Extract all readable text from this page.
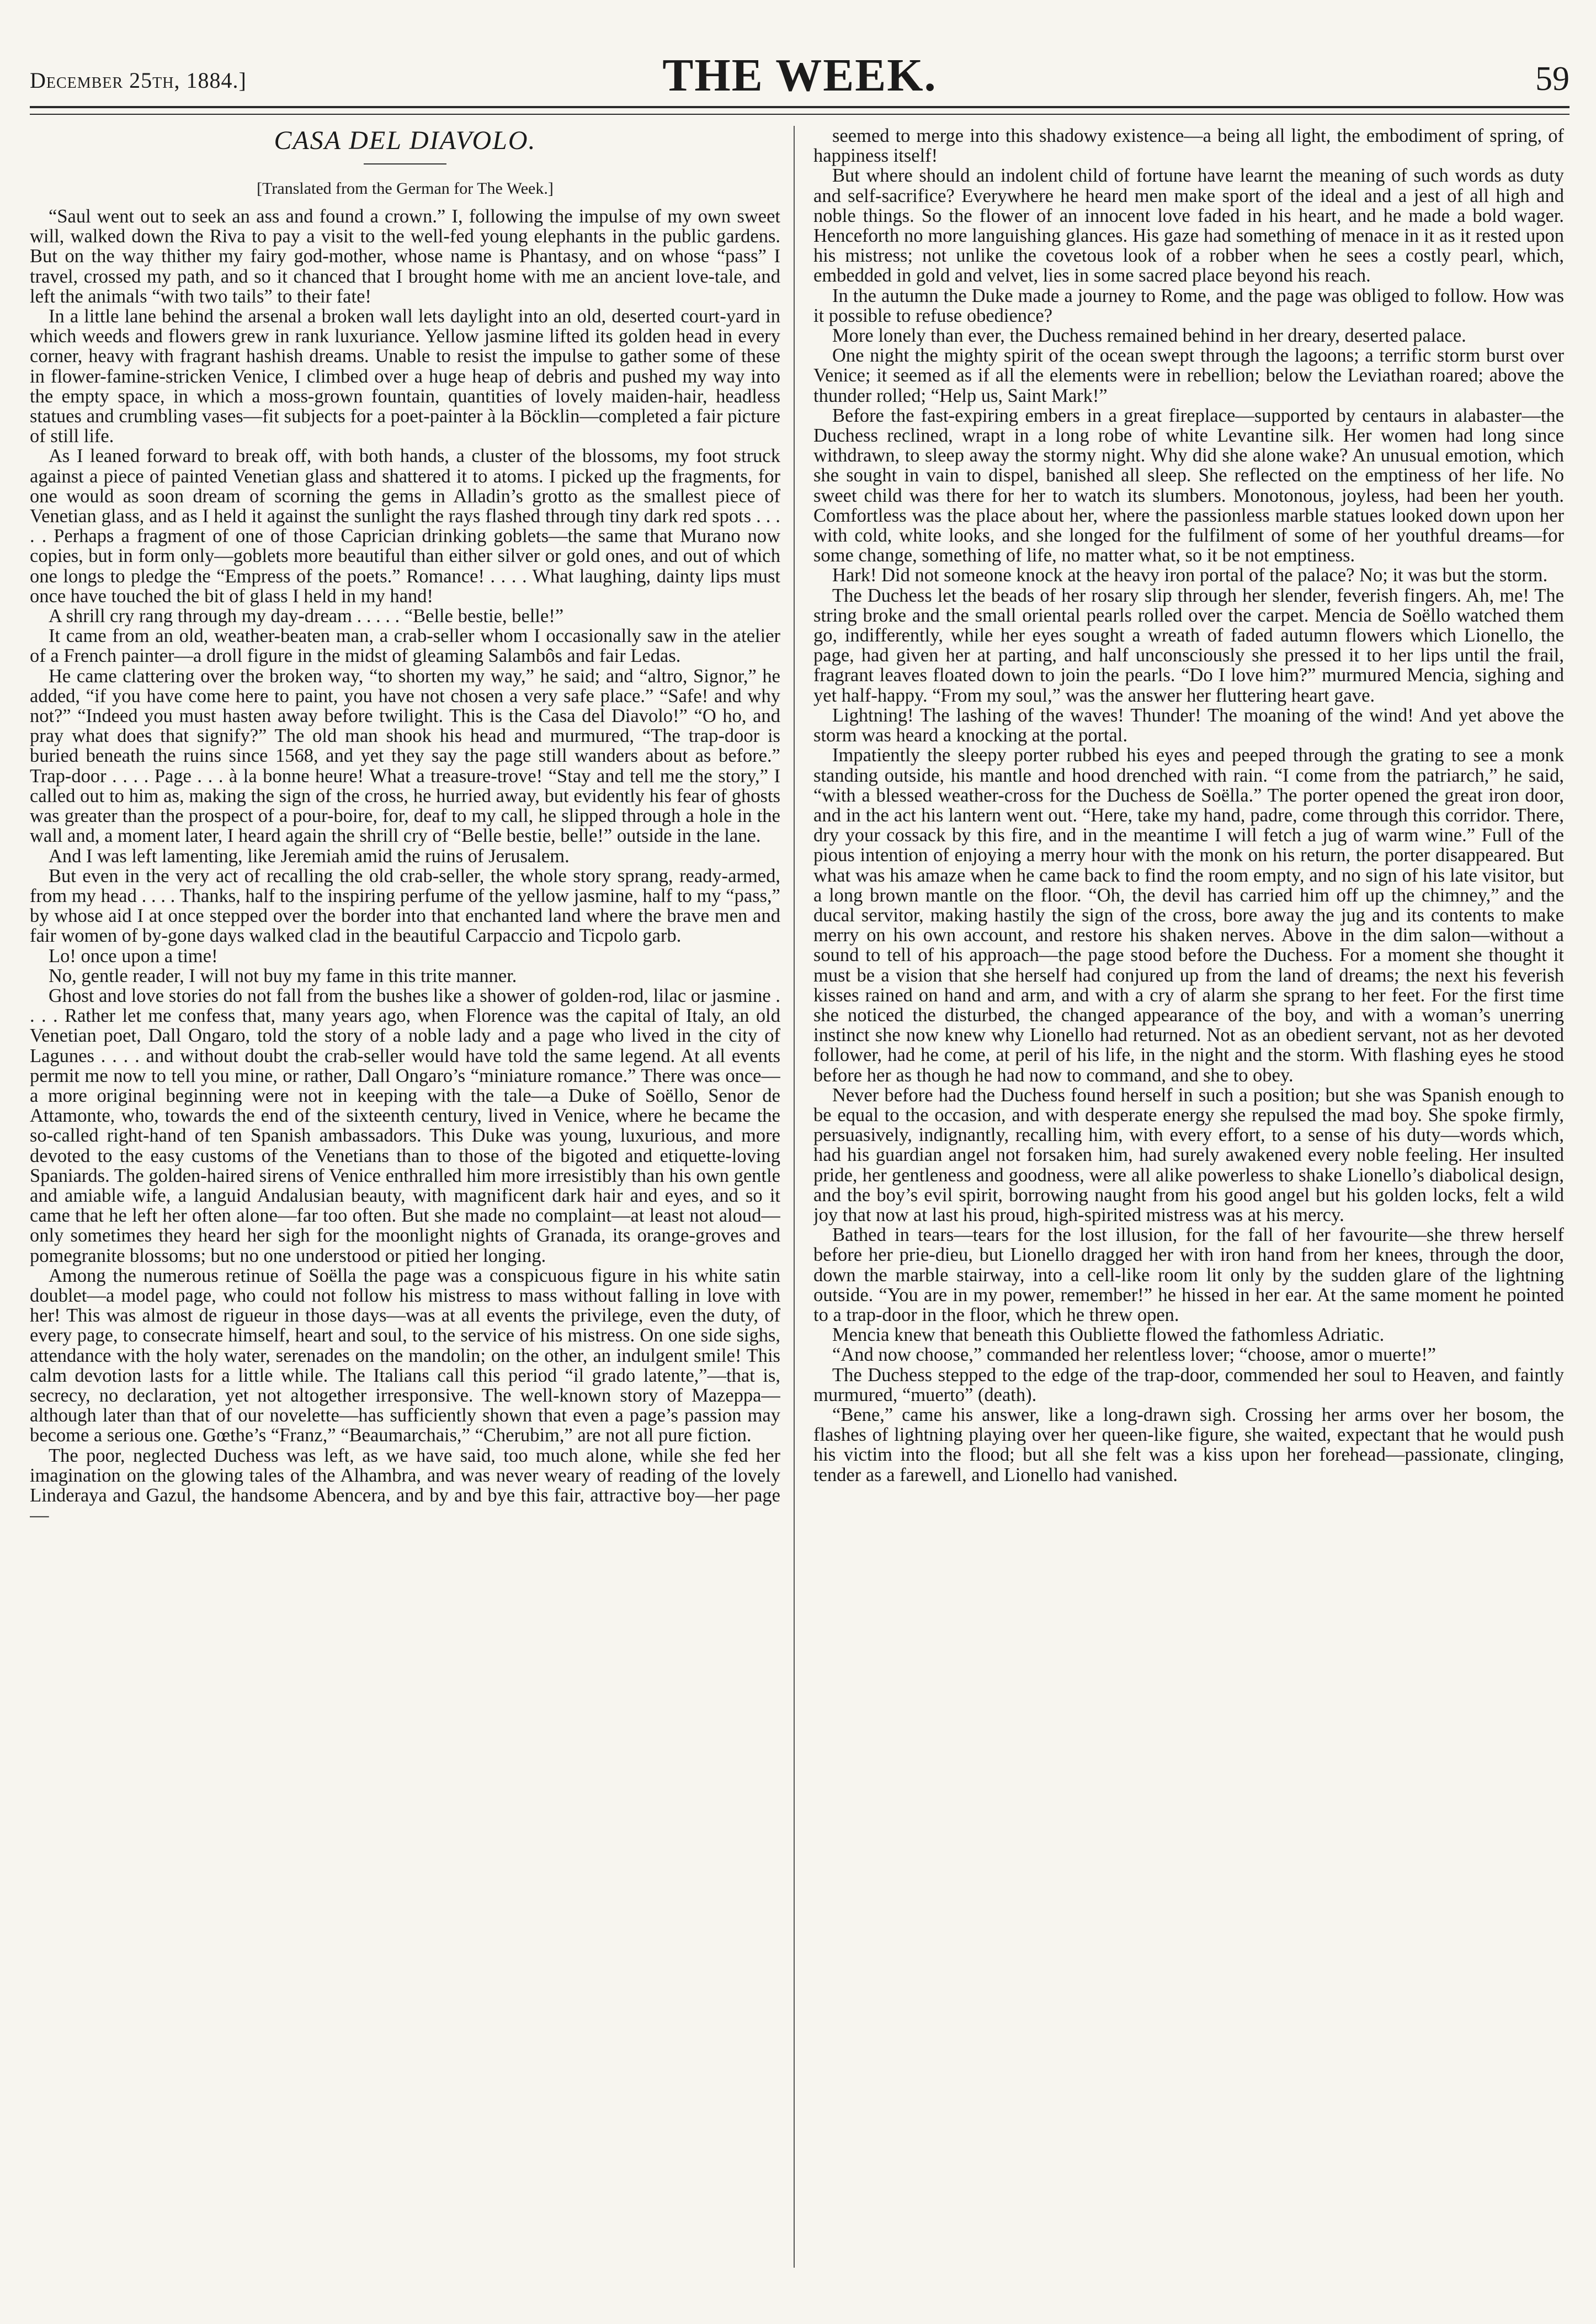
December 25th, 1884.]	THE WEEK.	59
CASA DEL DIAVOLO.
[Translated from the German for The Week.]

“Saul went out to seek an ass and found a crown.” I, following the impulse of my own sweet will, walked down the Riva to pay a visit to the well-fed young elephants in the public gardens. But on the way thither my fairy god-mother, whose name is Phantasy, and on whose “pass” I travel, crossed my path, and so it chanced that I brought home with me an ancient love-tale, and left the animals “with two tails” to their fate!

In a little lane behind the arsenal a broken wall lets daylight into an old, deserted court-yard in which weeds and flowers grew in rank luxuriance. Yellow jasmine lifted its golden head in every corner, heavy with fragrant hashish dreams. Unable to resist the impulse to gather some of these in flower-famine-stricken Venice, I climbed over a huge heap of debris and pushed my way into the empty space, in which a moss-grown fountain, quantities of lovely maiden-hair, headless statues and crumbling vases—fit subjects for a poet-painter à la Böcklin—completed a fair picture of still life.

As I leaned forward to break off, with both hands, a cluster of the blossoms, my foot struck against a piece of painted Venetian glass and shattered it to atoms. I picked up the fragments, for one would as soon dream of scorning the gems in Alladin’s grotto as the smallest piece of Venetian glass, and as I held it against the sunlight the rays flashed through tiny dark red spots . . . . . Perhaps a fragment of one of those Caprician drinking goblets—the same that Murano now copies, but in form only—goblets more beautiful than either silver or gold ones, and out of which one longs to pledge the “Empress of the poets.” Romance! . . . . What laughing, dainty lips must once have touched the bit of glass I held in my hand!

A shrill cry rang through my day-dream . . . . . “Belle bestie, belle!”

It came from an old, weather-beaten man, a crab-seller whom I occasionally saw in the atelier of a French painter—a droll figure in the midst of gleaming Salambôs and fair Ledas.

He came clattering over the broken way, “to shorten my way,” he said; and “altro, Signor,” he added, “if you have come here to paint, you have not chosen a very safe place.” “Safe! and why not?” “Indeed you must hasten away before twilight. This is the Casa del Diavolo!” “O ho, and pray what does that signify?” The old man shook his head and murmured, “The trap-door is buried beneath the ruins since 1568, and yet they say the page still wanders about as before.” Trap-door . . . . Page . . . à la bonne heure! What a treasure-trove! “Stay and tell me the story,” I called out to him as, making the sign of the cross, he hurried away, but evidently his fear of ghosts was greater than the prospect of a pour-boire, for, deaf to my call, he slipped through a hole in the wall and, a moment later, I heard again the shrill cry of “Belle bestie, belle!” outside in the lane.

And I was left lamenting, like Jeremiah amid the ruins of Jerusalem.

But even in the very act of recalling the old crab-seller, the whole story sprang, ready-armed, from my head . . . . Thanks, half to the inspiring perfume of the yellow jasmine, half to my “pass,” by whose aid I at once stepped over the border into that enchanted land where the brave men and fair women of by-gone days walked clad in the beautiful Carpaccio and Ticpolo garb.

Lo! once upon a time!

No, gentle reader, I will not buy my fame in this trite manner.

Ghost and love stories do not fall from the bushes like a shower of golden-rod, lilac or jasmine . . . . Rather let me confess that, many years ago, when Florence was the capital of Italy, an old Venetian poet, Dall Ongaro, told the story of a noble lady and a page who lived in the city of Lagunes . . . . and without doubt the crab-seller would have told the same legend. At all events permit me now to tell you mine, or rather, Dall Ongaro’s “miniature romance.” There was once—a more original beginning were not in keeping with the tale—a Duke of Soëllo, Senor de Attamonte, who, towards the end of the sixteenth century, lived in Venice, where he became the so-called right-hand of ten Spanish ambassadors. This Duke was young, luxurious, and more devoted to the easy customs of the Venetians than to those of the bigoted and etiquette-loving Spaniards. The golden-haired sirens of Venice enthralled him more irresistibly than his own gentle and amiable wife, a languid Andalusian beauty, with magnificent dark hair and eyes, and so it came that he left her often alone—far too often. But she made no complaint—at least not aloud—only sometimes they heard her sigh for the moonlight nights of Granada, its orange-groves and pomegranite blossoms; but no one understood or pitied her longing.

Among the numerous retinue of Soëlla the page was a conspicuous figure in his white satin doublet—a model page, who could not follow his mistress to mass without falling in love with her! This was almost de rigueur in those days—was at all events the privilege, even the duty, of every page, to consecrate himself, heart and soul, to the service of his mistress. On one side sighs, attendance with the holy water, serenades on the mandolin; on the other, an indulgent smile! This calm devotion lasts for a little while. The Italians call this period “il grado latente,”—that is, secrecy, no declaration, yet not altogether irresponsive. The well-known story of Mazeppa—although later than that of our novelette—has sufficiently shown that even a page’s passion may become a serious one. Gœthe’s “Franz,” “Beaumarchais,” “Cherubim,” are not all pure fiction.

The poor, neglected Duchess was left, as we have said, too much alone, while she fed her imagination on the glowing tales of the Alhambra, and was never weary of reading of the lovely Linderaya and Gazul, the handsome Abencera, and by and bye this fair, attractive boy—her page—

seemed to merge into this shadowy existence—a being all light, the embodiment of spring, of happiness itself!

But where should an indolent child of fortune have learnt the meaning of such words as duty and self-sacrifice? Everywhere he heard men make sport of the ideal and a jest of all high and noble things. So the flower of an innocent love faded in his heart, and he made a bold wager. Henceforth no more languishing glances. His gaze had something of menace in it as it rested upon his mistress; not unlike the covetous look of a robber when he sees a costly pearl, which, embedded in gold and velvet, lies in some sacred place beyond his reach.

In the autumn the Duke made a journey to Rome, and the page was obliged to follow. How was it possible to refuse obedience?

More lonely than ever, the Duchess remained behind in her dreary, deserted palace.

One night the mighty spirit of the ocean swept through the lagoons; a terrific storm burst over Venice; it seemed as if all the elements were in rebellion; below the Leviathan roared; above the thunder rolled; “Help us, Saint Mark!”

Before the fast-expiring embers in a great fireplace—supported by centaurs in alabaster—the Duchess reclined, wrapt in a long robe of white Levantine silk. Her women had long since withdrawn, to sleep away the stormy night. Why did she alone wake? An unusual emotion, which she sought in vain to dispel, banished all sleep. She reflected on the emptiness of her life. No sweet child was there for her to watch its slumbers. Monotonous, joyless, had been her youth. Comfortless was the place about her, where the passionless marble statues looked down upon her with cold, white looks, and she longed for the fulfilment of some of her youthful dreams—for some change, something of life, no matter what, so it be not emptiness.

Hark! Did not someone knock at the heavy iron portal of the palace? No; it was but the storm.

The Duchess let the beads of her rosary slip through her slender, feverish fingers. Ah, me! The string broke and the small oriental pearls rolled over the carpet. Mencia de Soëllo watched them go, indifferently, while her eyes sought a wreath of faded autumn flowers which Lionello, the page, had given her at parting, and half unconsciously she pressed it to her lips until the frail, fragrant leaves floated down to join the pearls. “Do I love him?” murmured Mencia, sighing and yet half-happy. “From my soul,” was the answer her fluttering heart gave.

Lightning! The lashing of the waves! Thunder! The moaning of the wind! And yet above the storm was heard a knocking at the portal.

Impatiently the sleepy porter rubbed his eyes and peeped through the grating to see a monk standing outside, his mantle and hood drenched with rain. “I come from the patriarch,” he said, “with a blessed weather-cross for the Duchess de Soëlla.” The porter opened the great iron door, and in the act his lantern went out. “Here, take my hand, padre, come through this corridor. There, dry your cossack by this fire, and in the meantime I will fetch a jug of warm wine.” Full of the pious intention of enjoying a merry hour with the monk on his return, the porter disappeared. But what was his amaze when he came back to find the room empty, and no sign of his late visitor, but a long brown mantle on the floor. “Oh, the devil has carried him off up the chimney,” and the ducal servitor, making hastily the sign of the cross, bore away the jug and its contents to make merry on his own account, and restore his shaken nerves. Above in the dim salon—without a sound to tell of his approach—the page stood before the Duchess. For a moment she thought it must be a vision that she herself had conjured up from the land of dreams; the next his feverish kisses rained on hand and arm, and with a cry of alarm she sprang to her feet. For the first time she noticed the disturbed, the changed appearance of the boy, and with a woman’s unerring instinct she now knew why Lionello had returned. Not as an obedient servant, not as her devoted follower, had he come, at peril of his life, in the night and the storm. With flashing eyes he stood before her as though he had now to command, and she to obey.

Never before had the Duchess found herself in such a position; but she was Spanish enough to be equal to the occasion, and with desperate energy she repulsed the mad boy. She spoke firmly, persuasively, indignantly, recalling him, with every effort, to a sense of his duty—words which, had his guardian angel not forsaken him, had surely awakened every noble feeling. Her insulted pride, her gentleness and goodness, were all alike powerless to shake Lionello’s diabolical design, and the boy’s evil spirit, borrowing naught from his good angel but his golden locks, felt a wild joy that now at last his proud, high-spirited mistress was at his mercy.

Bathed in tears—tears for the lost illusion, for the fall of her favourite—she threw herself before her prie-dieu, but Lionello dragged her with iron hand from her knees, through the door, down the marble stairway, into a cell-like room lit only by the sudden glare of the lightning outside. “You are in my power, remember!” he hissed in her ear. At the same moment he pointed to a trap-door in the floor, which he threw open.

Mencia knew that beneath this Oubliette flowed the fathomless Adriatic.

“And now choose,” commanded her relentless lover; “choose, amor o muerte!”

The Duchess stepped to the edge of the trap-door, commended her soul to Heaven, and faintly murmured, “muerto” (death).

“Bene,” came his answer, like a long-drawn sigh. Crossing her arms over her bosom, the flashes of lightning playing over her queen-like figure, she waited, expectant that he would push his victim into the flood; but all she felt was a kiss upon her forehead—passionate, clinging, tender as a farewell, and Lionello had vanished.
